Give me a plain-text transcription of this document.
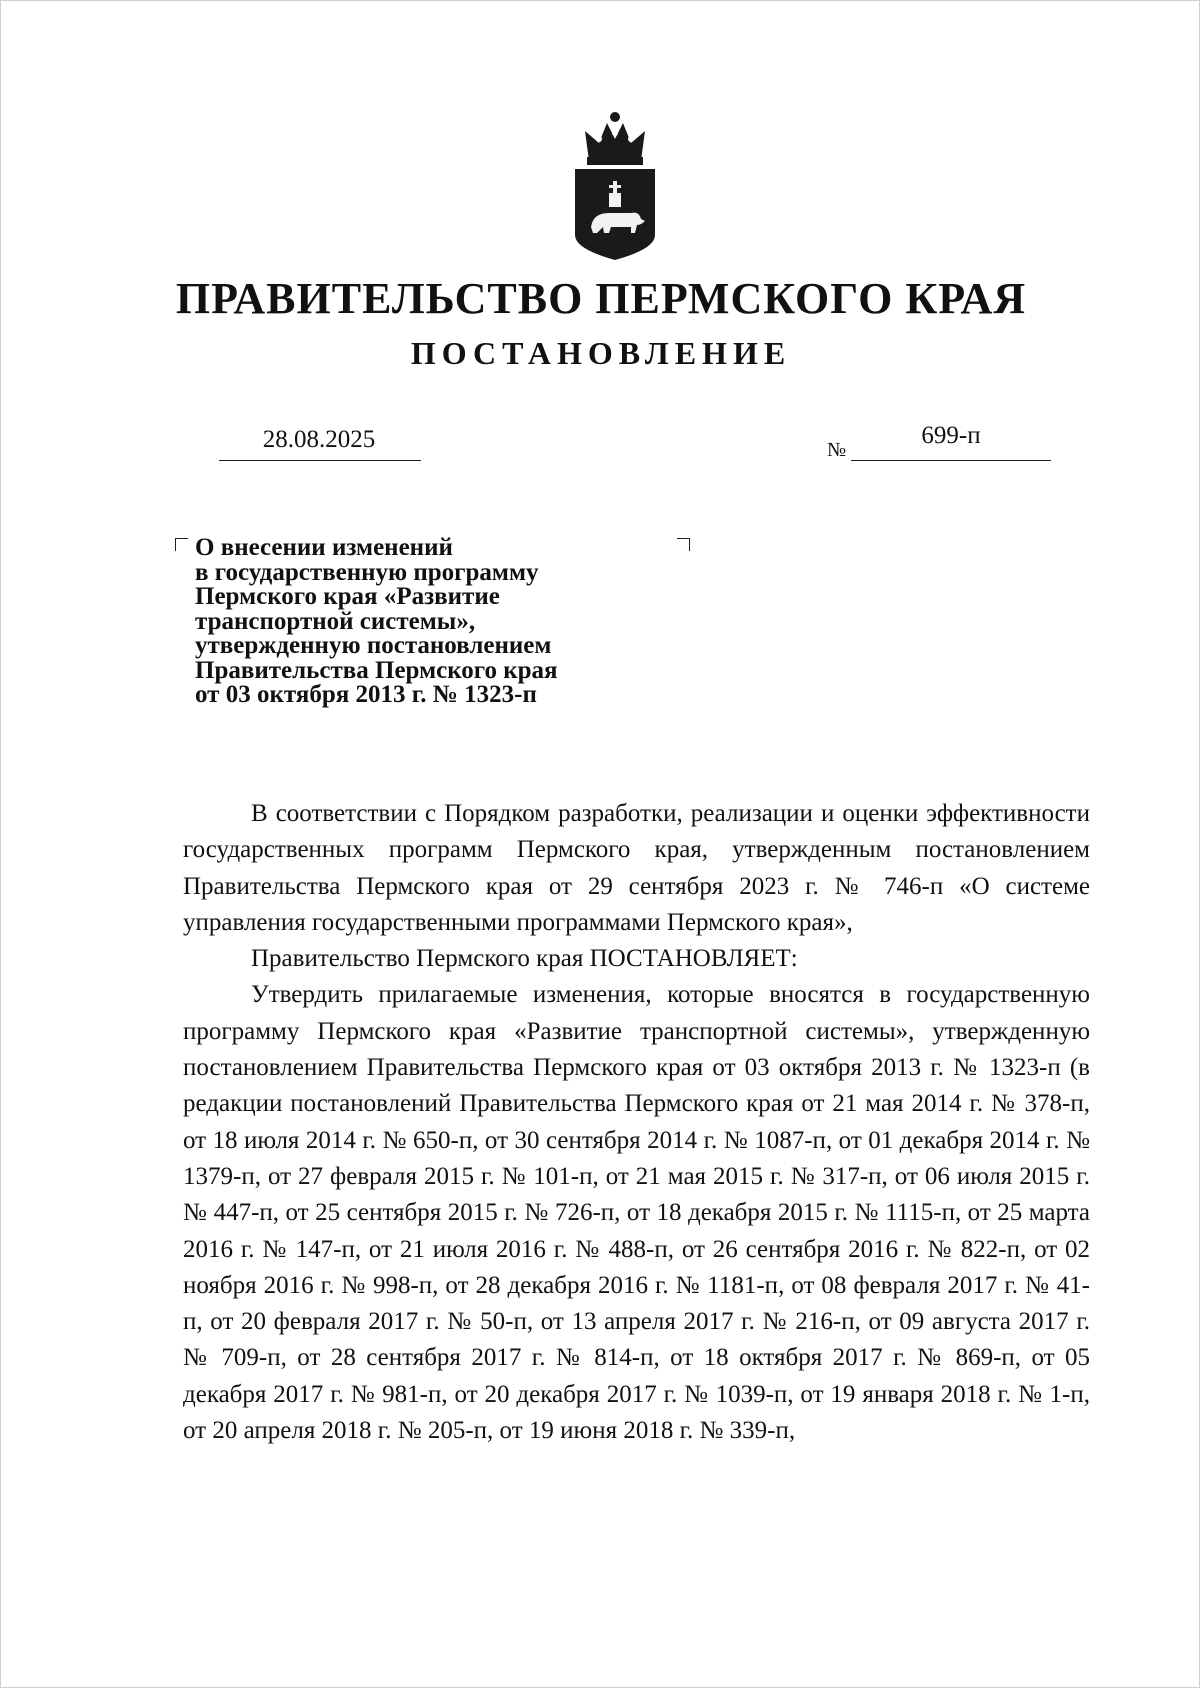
ПРАВИТЕЛЬСТВО ПЕРМСКОГО КРАЯ
ПОСТАНОВЛЕНИЕ
28.08.2025	№
699-п
О внесении изменений
в государственную программу
Пермского края «Развитие
транспортной системы»,
утвержденную постановлением
Правительства Пермского края
от 03 октября 2013 г. № 1323-п

В соответствии с Порядком разработки, реализации и оценки эффективности государственных программ Пермского края, утвержденным постановлением Правительства Пермского края от 29 сентября 2023 г. № 746-п «О системе управления государственными программами Пермского края»,

Правительство Пермского края ПОСТАНОВЛЯЕТ:

Утвердить прилагаемые изменения, которые вносятся в государственную программу Пермского края «Развитие транспортной системы», утвержденную постановлением Правительства Пермского края от 03 октября 2013 г. № 1323-п (в редакции постановлений Правительства Пермского края от 21 мая 2014 г. № 378-п, от 18 июля 2014 г. № 650-п, от 30 сентября 2014 г. № 1087-п, от 01 декабря 2014 г. № 1379-п, от 27 февраля 2015 г. № 101-п, от 21 мая 2015 г. № 317-п, от 06 июля 2015 г. № 447-п, от 25 сентября 2015 г. № 726-п, от 18 декабря 2015 г. № 1115-п, от 25 марта 2016 г. № 147-п, от 21 июля 2016 г. № 488-п, от 26 сентября 2016 г. № 822-п, от 02 ноября 2016 г. № 998-п, от 28 декабря 2016 г. № 1181-п, от 08 февраля 2017 г. № 41-п, от 20 февраля 2017 г. № 50-п, от 13 апреля 2017 г. № 216-п, от 09 августа 2017 г. № 709-п, от 28 сентября 2017 г. № 814-п, от 18 октября 2017 г. № 869-п, от 05 декабря 2017 г. № 981-п, от 20 декабря 2017 г. № 1039-п, от 19 января 2018 г. № 1-п, от 20 апреля 2018 г. № 205-п, от 19 июня 2018 г. № 339-п,
